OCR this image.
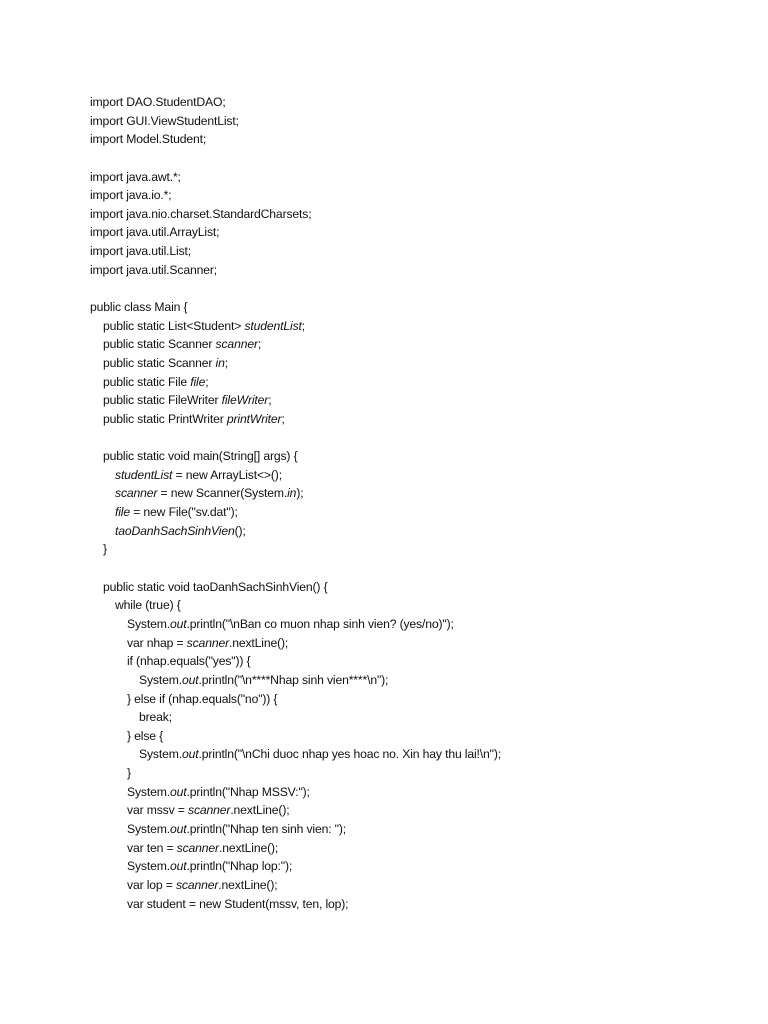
import DAO.StudentDAO;
import GUI.ViewStudentList;
import Model.Student;
import java.awt.*;
import java.io.*;
import java.nio.charset.StandardCharsets;
import java.util.ArrayList;
import java.util.List;
import java.util.Scanner;
public class Main {
public static List<Student> studentList;
public static Scanner scanner;
public static Scanner in;
public static File file;
public static FileWriter fileWriter;
public static PrintWriter printWriter;
public static void main(String[] args) {
studentList = new ArrayList<>();
scanner = new Scanner(System.in);
file = new File("sv.dat");
taoDanhSachSinhVien();
}
public static void taoDanhSachSinhVien() {
while (true) {
System.out.println("\nBan co muon nhap sinh vien? (yes/no)");
var nhap = scanner.nextLine();
if (nhap.equals("yes")) {
System.out.println("\n****Nhap sinh vien****\n");
} else if (nhap.equals("no")) {
break;
} else {
System.out.println("\nChi duoc nhap yes hoac no. Xin hay thu lai!\n");
}
System.out.println("Nhap MSSV:");
var mssv = scanner.nextLine();
System.out.println("Nhap ten sinh vien: ");
var ten = scanner.nextLine();
System.out.println("Nhap lop:");
var lop = scanner.nextLine();
var student = new Student(mssv, ten, lop);
